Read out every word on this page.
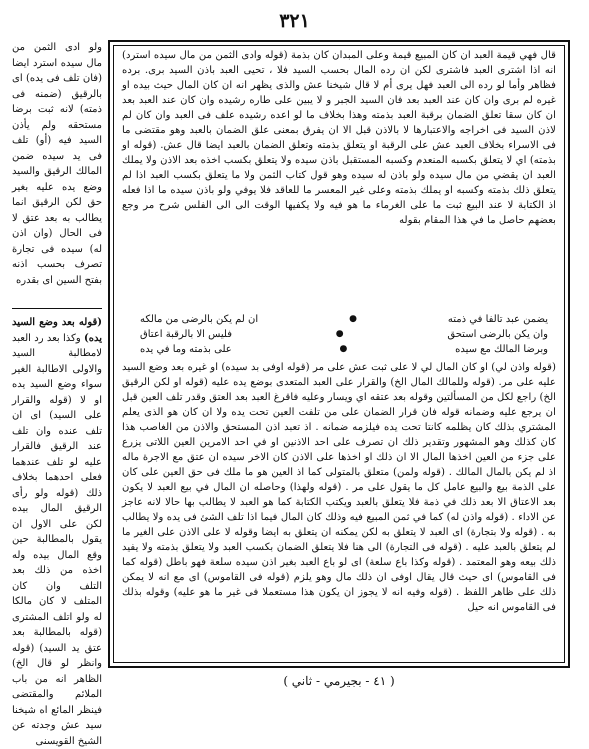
٣٢١
قال فهي قيمة العبد ان كان المبيع قيمة وعلى المبدان كان بذمة (قوله وادى الثمن من مال سيده استرد) انه اذا اشترى العبد فاشترى لكن ان رده المال بحسب السيد فلا ، تحيى العبد باذن السيد برى. برده فظاهر وأما لو رده الى العبد فهل يرى أم لا قال شيخنا عش والذى يظهر انه ان كان المال حيث بيده او غيره لم برى وان كان عند العبد بعد فان السيد الجبر و لا يبين على طاره رشيده وان كان عند العبد بعد ان كان سقا تعلق الضمان برقبة العبد بذمته وهذا بخلاف ما لو اعده رشيده علف فى العبد وان كان لم لاذن السيد فى اخراجه والاعتبارها لا بالاذن قبل الا ان يفرق بمعنى علق الضمان بالعبد وهو مقتضى ما فى الاسراء بخلاف العبد عش على الرقبة او يتعلق بذمته وتعلق الضمان بالعبد ايضا قال عش. (قوله او بذمته) اي لا يتعلق بكسبه المنعدم وكسبه المستقبل باذن سيده ولا يتعلق بكسب اخذه بعد الاذن ولا يملك العبد ان يقضي من مال سيده ولو باذن له سيده وهو قول كتاب الثمن ولا ما يتعلق بكسب العبد اذا لم يتعلق ذلك بذمته وكسبه او يملك بذمته وعلى غير المعسر ما للعاقد فلا يوفي ولو باذن سيده ما اذا فعله اذ الكتابة لا عند البيع ثبت ما على الغرماء ما هو فيه ولا يكفيها الوقت الى الى الفلس شرح مر وجع بعضهم حاصل ما في هذا المقام بقوله
يضمن عبد تالفا في ذمته
●
ان لم يكن بالرضى من مالكه
وان يكن بالرضى استحق
●
فليس الا بالرقبة اعتاق
وبرضا المالك مع سيده
●
على بذمته وما في يده
(قوله واذن لي) او كان المال لي لا على ثبت عش على مر (قوله اوفى بد سيده) او غيره بعد وضع السيد عليه على مر. (قوله وللمالك المال الخ) والقرار على العبد المتعدى بوضع يده عليه (قوله او لكن الرقيق الخ) راجع لكل من المسألتين وقوله بعد عتقه اي ويسار وعليه فاقرغ العبد بعد العتق وقدر تلف العين قبل ان يرجع عليه وضمانه قوله فان قرار الضمان على من تلفت العين تحت يده ولا ان كان هو الذى يعلم المشتري بذلك كان يظلمه كانتا تحت يده فيلزمه ضمانه . اذ تعبد اذن المستحق والاذن من الغاصب هذا كان كذلك وهو المشهور وتقدير ذلك ان تصرف على احد الاذنين او في احد الامرين العين اللاتى يزرع على جزء من العين اخذها المال الا ان ذلك او اخذها على الاذن كان الاخر سيده ان عتق مع الاجرة ماله اذ لم يكن بالمال المالك . (قوله ولمن) متعلق بالمتولى كما اذ العين هو ما ملك فى حق العين على كان على الذمة بيع والبيع عامل كل ما يقول على مر . (قوله ولهذا) وحاصله ان المال في بيع العبد لا يكون بعد الاعتاق الا بعد ذلك في ذمة فلا يتعلق بالعبد ويكتب الكتابة كما هو العبد لا يطالب بها حالا لانه عاجز عن الاداء . (قوله واذن له) كما في ثمن المبيع فيه وذلك كان المال فيما اذا تلف الشئ فى يده ولا يطالب به . (قوله ولا بتجارة) اى العبد لا يتعلق به لكن يمكنه ان يتعلق به ايضا وقوله لا على الاذن على الغير ما لم يتعلق بالعبد عليه . (قوله فى التجارة) الى هنا فلا يتعلق الضمان بكسب العبد ولا يتعلق بذمته ولا يفيد ذلك بيعه وهو المعتمد . (قوله وكذا باع سلعة) اى لو باع العبد بغير اذن سيده سلعة فهو باطل (قوله كما فى القاموس) اى حيث قال يقال اوفى ان ذلك مال وهو يلزم (قوله فى القاموس) اى مع انه لا يمكن ذلك على ظاهر اللفظ . (قوله وفيه انه لا يجوز ان يكون هذا مستعملا فى غير ما هو عليه) وقوله بذلك فى القاموس انه حيل
ولو ادى الثمن من مال سيده استرد ايضا (فان تلف فى يده) اى بالرقيق (ضمنه فى ذمته) لانه ثبت برضا مستحقه ولم يأذن السيد فيه (أو) تلف فى يد سيده ضمن المالك الرقيق والسيد وضع يده عليه بغير حق لكن الرقيق انما يطالب به بعد عتق لا فى الحال (وان اذن له) سيده فى تجارة تصرف بحسب اذنه بفتح السين اى بقدره
(قوله بعد وضع السيد يده) وكذا بعد رد العبد لامطالبة السيد والاولى الاطالبة الغير سواء وضع السيد يده او لا (قوله والقرار على السيد) اى ان تلف عنده وان تلف عند الرقيق فالقرار عليه لو تلف عندهما فعلى احدهما بخلاف ذلك (قوله ولو رأى الرقيق المال بيده لكن على الاول ان يقول بالمطالبة حين وقع المال بيده وله اخذه من ذلك بعد التلف وان كان المتلف لا كان مالكا له ولو اتلف المشترى (قوله بالمطالبة بعد عتق يد السيد) (قوله وانظر لو قال الخ) الظاهر انه من باب الملائم والمقتضى فينظر المائع اه شيخنا سيد عش وجدته عن الشيخ القويسنى
( ٤١ - بجيرمي - ثاني )
